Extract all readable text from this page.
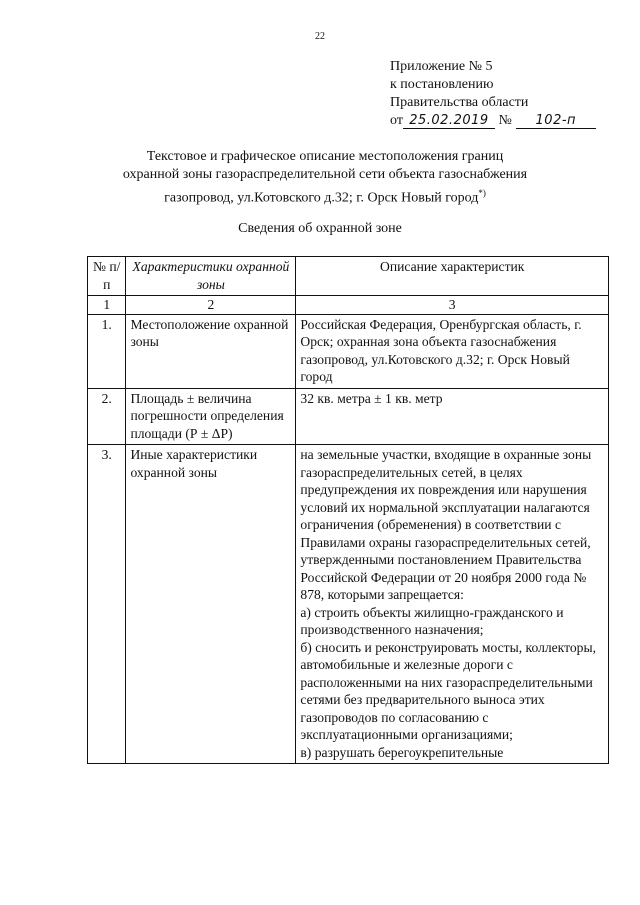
22
Приложение № 5
к постановлению
Правительства области
от 25.02.2019 № 102-п
Текстовое и графическое описание местоположения границ
охранной зоны газораспределительной сети объекта газоснабжения
газопровод, ул.Котовского д.32; г. Орск Новый город*)
Сведения об охранной зоне
№ п/п	Характеристики охранной зоны	Описание характеристик
1	2	3
1.	Местоположение охранной зоны	Российская Федерация, Оренбургская область, г. Орск; охранная зона объекта газоснабжения газопровод, ул.Котовского д.32; г. Орск Новый город
2.	Площадь ± величина погрешности определения площади (Р ± ΔР)	32 кв. метра ± 1 кв. метр
3.	Иные характеристики охранной зоны	на земельные участки, входящие в охранные зоны газораспределительных сетей, в целях предупреждения их повреждения или нарушения условий их нормальной эксплуатации налагаются ограничения (обременения) в соответствии с Правилами охраны газораспределительных сетей, утвержденными постановлением Правительства Российской Федерации от 20 ноября 2000 года № 878, которыми запрещается:
а) строить объекты жилищно-гражданского и производственного назначения;
б) сносить и реконструировать мосты, коллекторы, автомобильные и железные дороги с расположенными на них газораспределительными сетями без предварительного выноса этих газопроводов по согласованию с эксплуатационными организациями;
в) разрушать берегоукрепительные
